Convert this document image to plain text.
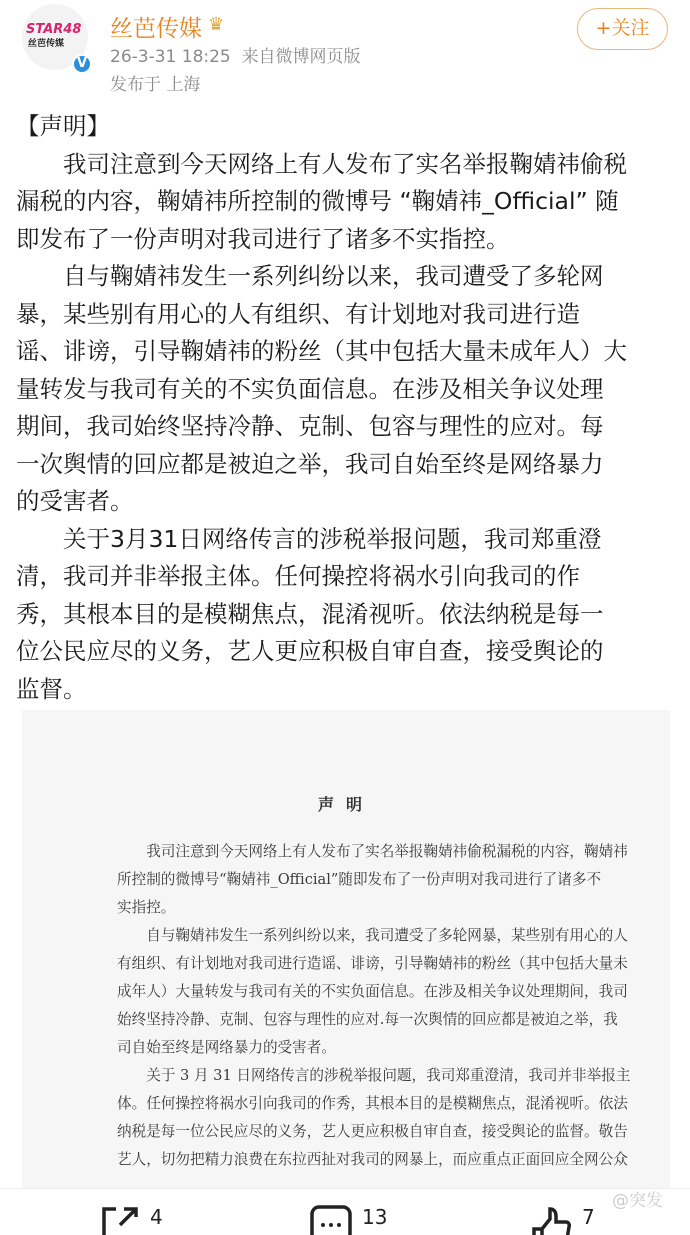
STAR48
丝芭传媒
V
丝芭传媒 ♛
26-3-31 18:25 来自微博网页版
发布于 上海
+关注
【声明】
　　我司注意到今天网络上有人发布了实名举报鞠婧祎偷税
漏税的内容，鞠婧祎所控制的微博号 “鞠婧祎_Official” 随
即发布了一份声明对我司进行了诸多不实指控。
　　自与鞠婧祎发生一系列纠纷以来，我司遭受了多轮网
暴，某些别有用心的人有组织、有计划地对我司进行造
谣、诽谤，引导鞠婧祎的粉丝（其中包括大量未成年人）大
量转发与我司有关的不实负面信息。在涉及相关争议处理
期间，我司始终坚持冷静、克制、包容与理性的应对。每
一次舆情的回应都是被迫之举，我司自始至终是网络暴力
的受害者。
　　关于3月31日网络传言的涉税举报问题，我司郑重澄
清，我司并非举报主体。任何操控将祸水引向我司的作
秀，其根本目的是模糊焦点，混淆视听。依法纳税是每一
位公民应尽的义务，艺人更应积极自审自查，接受舆论的
监督。
声明
　　我司注意到今天网络上有人发布了实名举报鞠婧祎偷税漏税的内容，鞠婧祎
所控制的微博号“鞠婧祎_Official”随即发布了一份声明对我司进行了诸多不
实指控。
　　自与鞠婧祎发生一系列纠纷以来，我司遭受了多轮网暴，某些别有用心的人
有组织、有计划地对我司进行造谣、诽谤，引导鞠婧祎的粉丝（其中包括大量未
成年人）大量转发与我司有关的不实负面信息。在涉及相关争议处理期间，我司
始终坚持冷静、克制、包容与理性的应对.每一次舆情的回应都是被迫之举，我
司自始至终是网络暴力的受害者。
　　关于 3 月 31 日网络传言的涉税举报问题，我司郑重澄清，我司并非举报主
体。任何操控将祸水引向我司的作秀，其根本目的是模糊焦点，混淆视听。依法
纳税是每一位公民应尽的义务，艺人更应积极自审自查，接受舆论的监督。敬告
艺人，切勿把精力浪费在东拉西扯对我司的网暴上，而应重点正面回应全网公众
4	13	7
@突发
